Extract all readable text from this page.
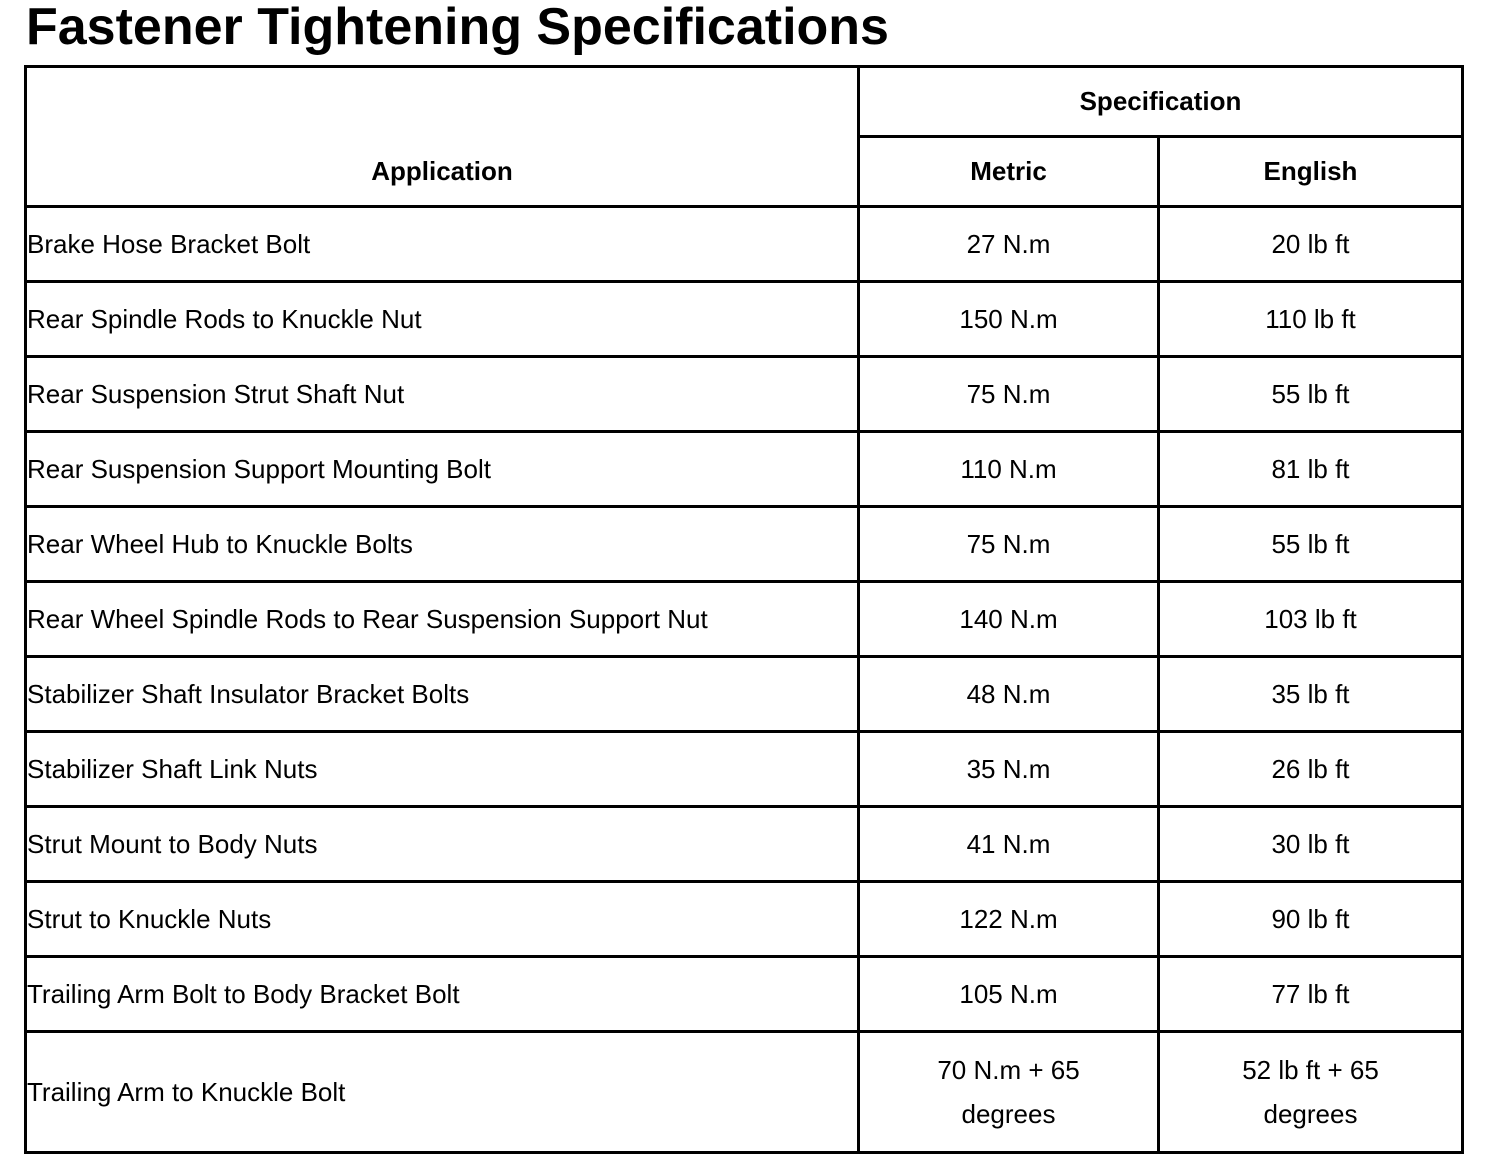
Fastener Tightening Specifications
Application	Specification	
	Metric	English
Brake Hose Bracket Bolt	27 N.m	20 lb ft
Rear Spindle Rods to Knuckle Nut	150 N.m	110 lb ft
Rear Suspension Strut Shaft Nut	75 N.m	55 lb ft
Rear Suspension Support Mounting Bolt	110 N.m	81 lb ft
Rear Wheel Hub to Knuckle Bolts	75 N.m	55 lb ft
Rear Wheel Spindle Rods to Rear Suspension Support Nut	140 N.m	103 lb ft
Stabilizer Shaft Insulator Bracket Bolts	48 N.m	35 lb ft
Stabilizer Shaft Link Nuts	35 N.m	26 lb ft
Strut Mount to Body Nuts	41 N.m	30 lb ft
Strut to Knuckle Nuts	122 N.m	90 lb ft
Trailing Arm Bolt to Body Bracket Bolt	105 N.m	77 lb ft
Trailing Arm to Knuckle Bolt	70 N.m + 65 degrees	52 lb ft + 65 degrees
